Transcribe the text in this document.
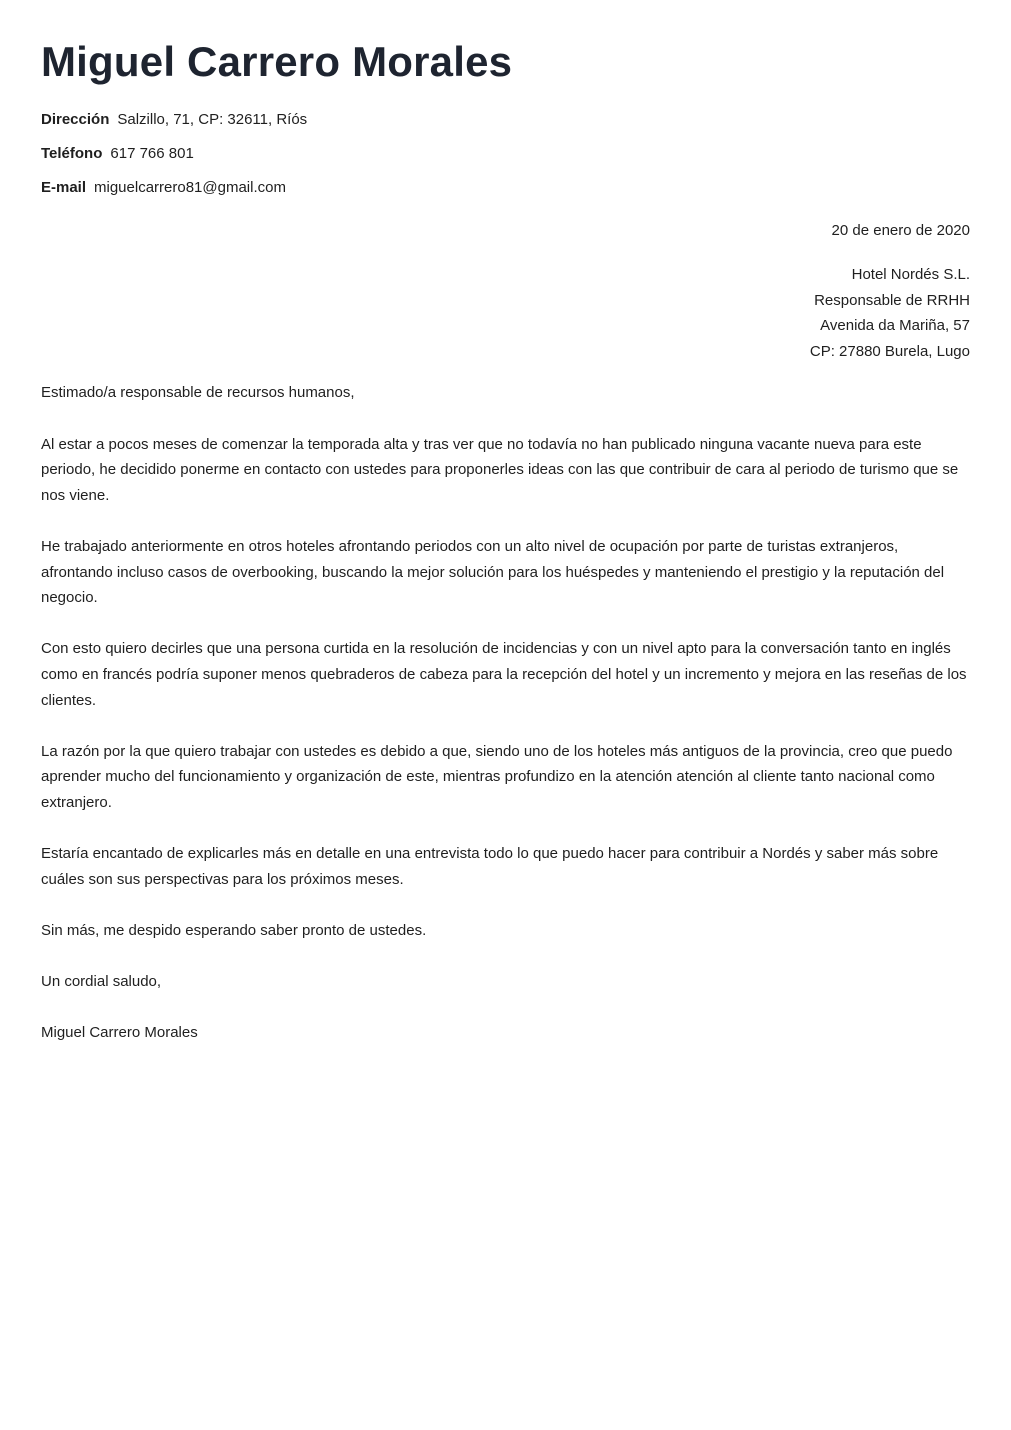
Miguel Carrero Morales
Dirección Salzillo, 71, CP: 32611, Ríós
Teléfono 617 766 801
E-mail miguelcarrero81@gmail.com
20 de enero de 2020
Hotel Nordés S.L.
Responsable de RRHH
Avenida da Mariña, 57
CP: 27880 Burela, Lugo
Estimado/a responsable de recursos humanos,

Al estar a pocos meses de comenzar la temporada alta y tras ver que no todavía no han publicado ninguna vacante nueva para este periodo, he decidido ponerme en contacto con ustedes para proponerles ideas con las que contribuir de cara al periodo de turismo que se nos viene.

He trabajado anteriormente en otros hoteles afrontando periodos con un alto nivel de ocupación por parte de turistas extranjeros, afrontando incluso casos de overbooking, buscando la mejor solución para los huéspedes y manteniendo el prestigio y la reputación del negocio.

Con esto quiero decirles que una persona curtida en la resolución de incidencias y con un nivel apto para la conversación tanto en inglés como en francés podría suponer menos quebraderos de cabeza para la recepción del hotel y un incremento y mejora en las reseñas de los clientes.

La razón por la que quiero trabajar con ustedes es debido a que, siendo uno de los hoteles más antiguos de la provincia, creo que puedo aprender mucho del funcionamiento y organización de este, mientras profundizo en la atención atención al cliente tanto nacional como extranjero.

Estaría encantado de explicarles más en detalle en una entrevista todo lo que puedo hacer para contribuir a Nordés y saber más sobre cuáles son sus perspectivas para los próximos meses.

Sin más, me despido esperando saber pronto de ustedes.

Un cordial saludo,

Miguel Carrero Morales
